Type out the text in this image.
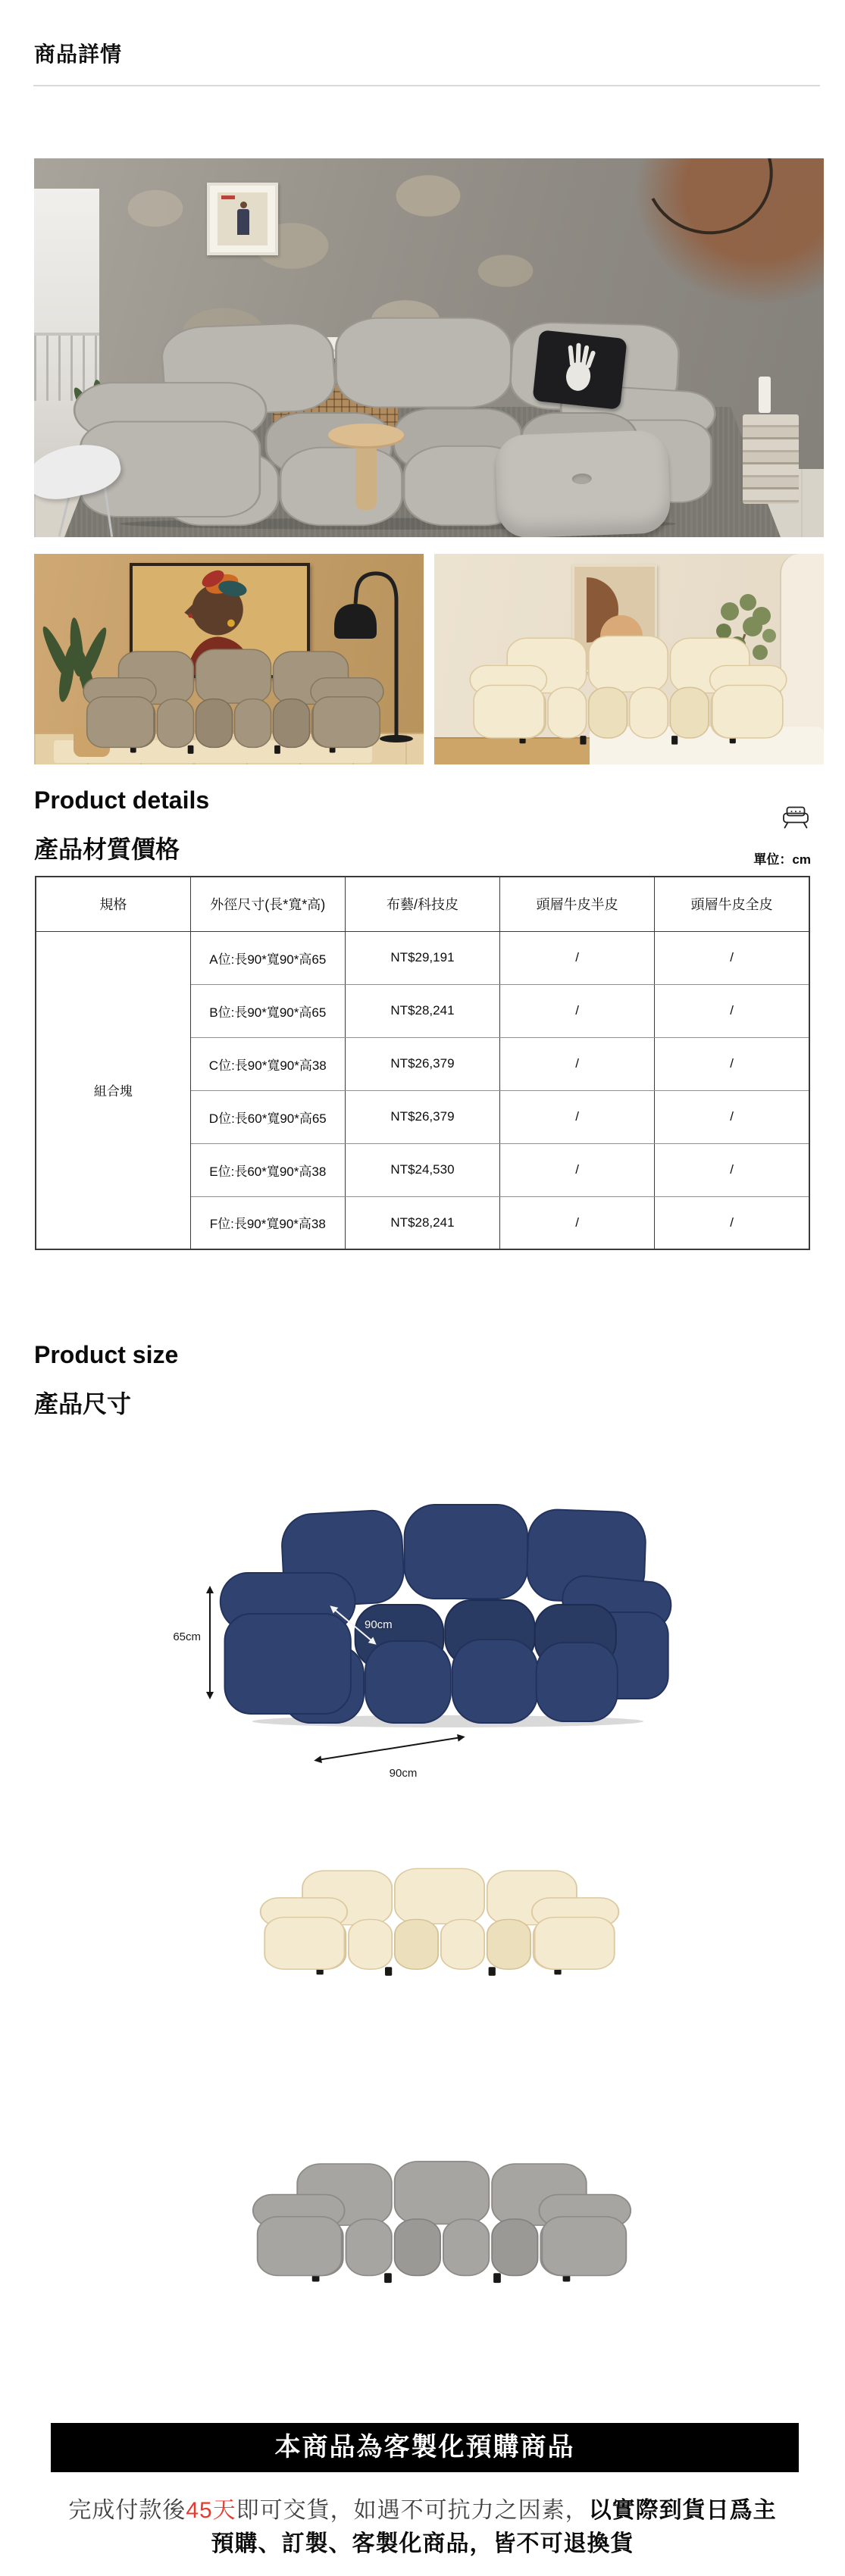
商品詳情
Product details
產品材質價格	單位：cm
規格	外徑尺寸(長*寬*高)	布藝/科技皮	頭層牛皮半皮	頭層牛皮全皮
組合塊	A位:長90*寬90*高65	NT$29,191	/	/
	B位:長90*寬90*高65	NT$28,241	/	/
	C位:長90*寬90*高38	NT$26,379	/	/
	D位:長60*寬90*高65	NT$26,379	/	/
	E位:長60*寬90*高38	NT$24,530	/	/
	F位:長90*寬90*高38	NT$28,241	/	/
Product size
產品尺寸
65cm
90cm
90cm
本商品為客製化預購商品
完成付款後45天即可交貨，如遇不可抗力之因素，以實際到貨日爲主
預購、訂製、客製化商品，皆不可退換貨
